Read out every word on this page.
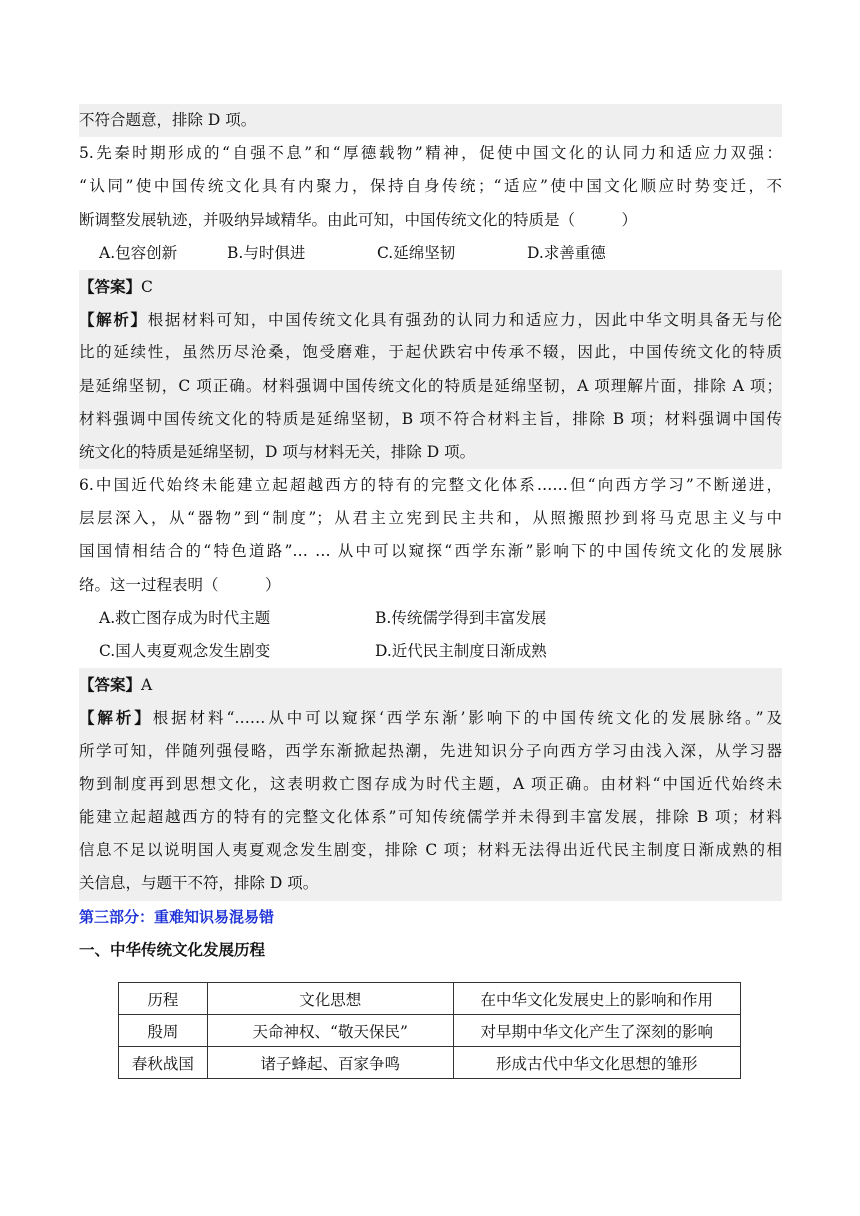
不符合题意，排除 D 项。
5.先秦时期形成的“自强不息”和“厚德载物”精神，促使中国文化的认同力和适应力双强：
“认同”使中国传统文化具有内聚力，保持自身传统；“适应”使中国文化顺应时势变迁，不
断调整发展轨迹，并吸纳异域精华。由此可知，中国传统文化的特质是（　　　）
A.包容创新	B.与时俱进	C.延绵坚韧	D.求善重德
【答案】C
【解析】根据材料可知，中国传统文化具有强劲的认同力和适应力，因此中华文明具备无与伦
比的延续性，虽然历尽沧桑，饱受磨难，于起伏跌宕中传承不辍，因此，中国传统文化的特质
是延绵坚韧，C 项正确。材料强调中国传统文化的特质是延绵坚韧，A 项理解片面，排除 A 项；
材料强调中国传统文化的特质是延绵坚韧，B 项不符合材料主旨，排除 B 项；材料强调中国传
统文化的特质是延绵坚韧，D 项与材料无关，排除 D 项。
6.中国近代始终未能建立起超越西方的特有的完整文化体系……但“向西方学习”不断递进，
层层深入，从“器物”到“制度”；从君主立宪到民主共和，从照搬照抄到将马克思主义与中
国国情相结合的“特色道路”… … 从中可以窥探“西学东渐”影响下的中国传统文化的发展脉
络。这一过程表明（　　　）
A.救亡图存成为时代主题	B.传统儒学得到丰富发展
C.国人夷夏观念发生剧变	D.近代民主制度日渐成熟
【答案】A
【解析】根据材料“……从中可以窥探‘西学东渐’影响下的中国传统文化的发展脉络。”及
所学可知，伴随列强侵略，西学东渐掀起热潮，先进知识分子向西方学习由浅入深，从学习器
物到制度再到思想文化，这表明救亡图存成为时代主题，A 项正确。由材料“中国近代始终未
能建立起超越西方的特有的完整文化体系”可知传统儒学并未得到丰富发展，排除 B 项；材料
信息不足以说明国人夷夏观念发生剧变，排除 C 项；材料无法得出近代民主制度日渐成熟的相
关信息，与题干不符，排除 D 项。
第三部分：重难知识易混易错
一、中华传统文化发展历程
历程	文化思想	在中华文化发展史上的影响和作用
殷周	天命神权、“敬天保民”	对早期中华文化产生了深刻的影响
春秋战国	诸子蜂起、百家争鸣	形成古代中华文化思想的雏形
